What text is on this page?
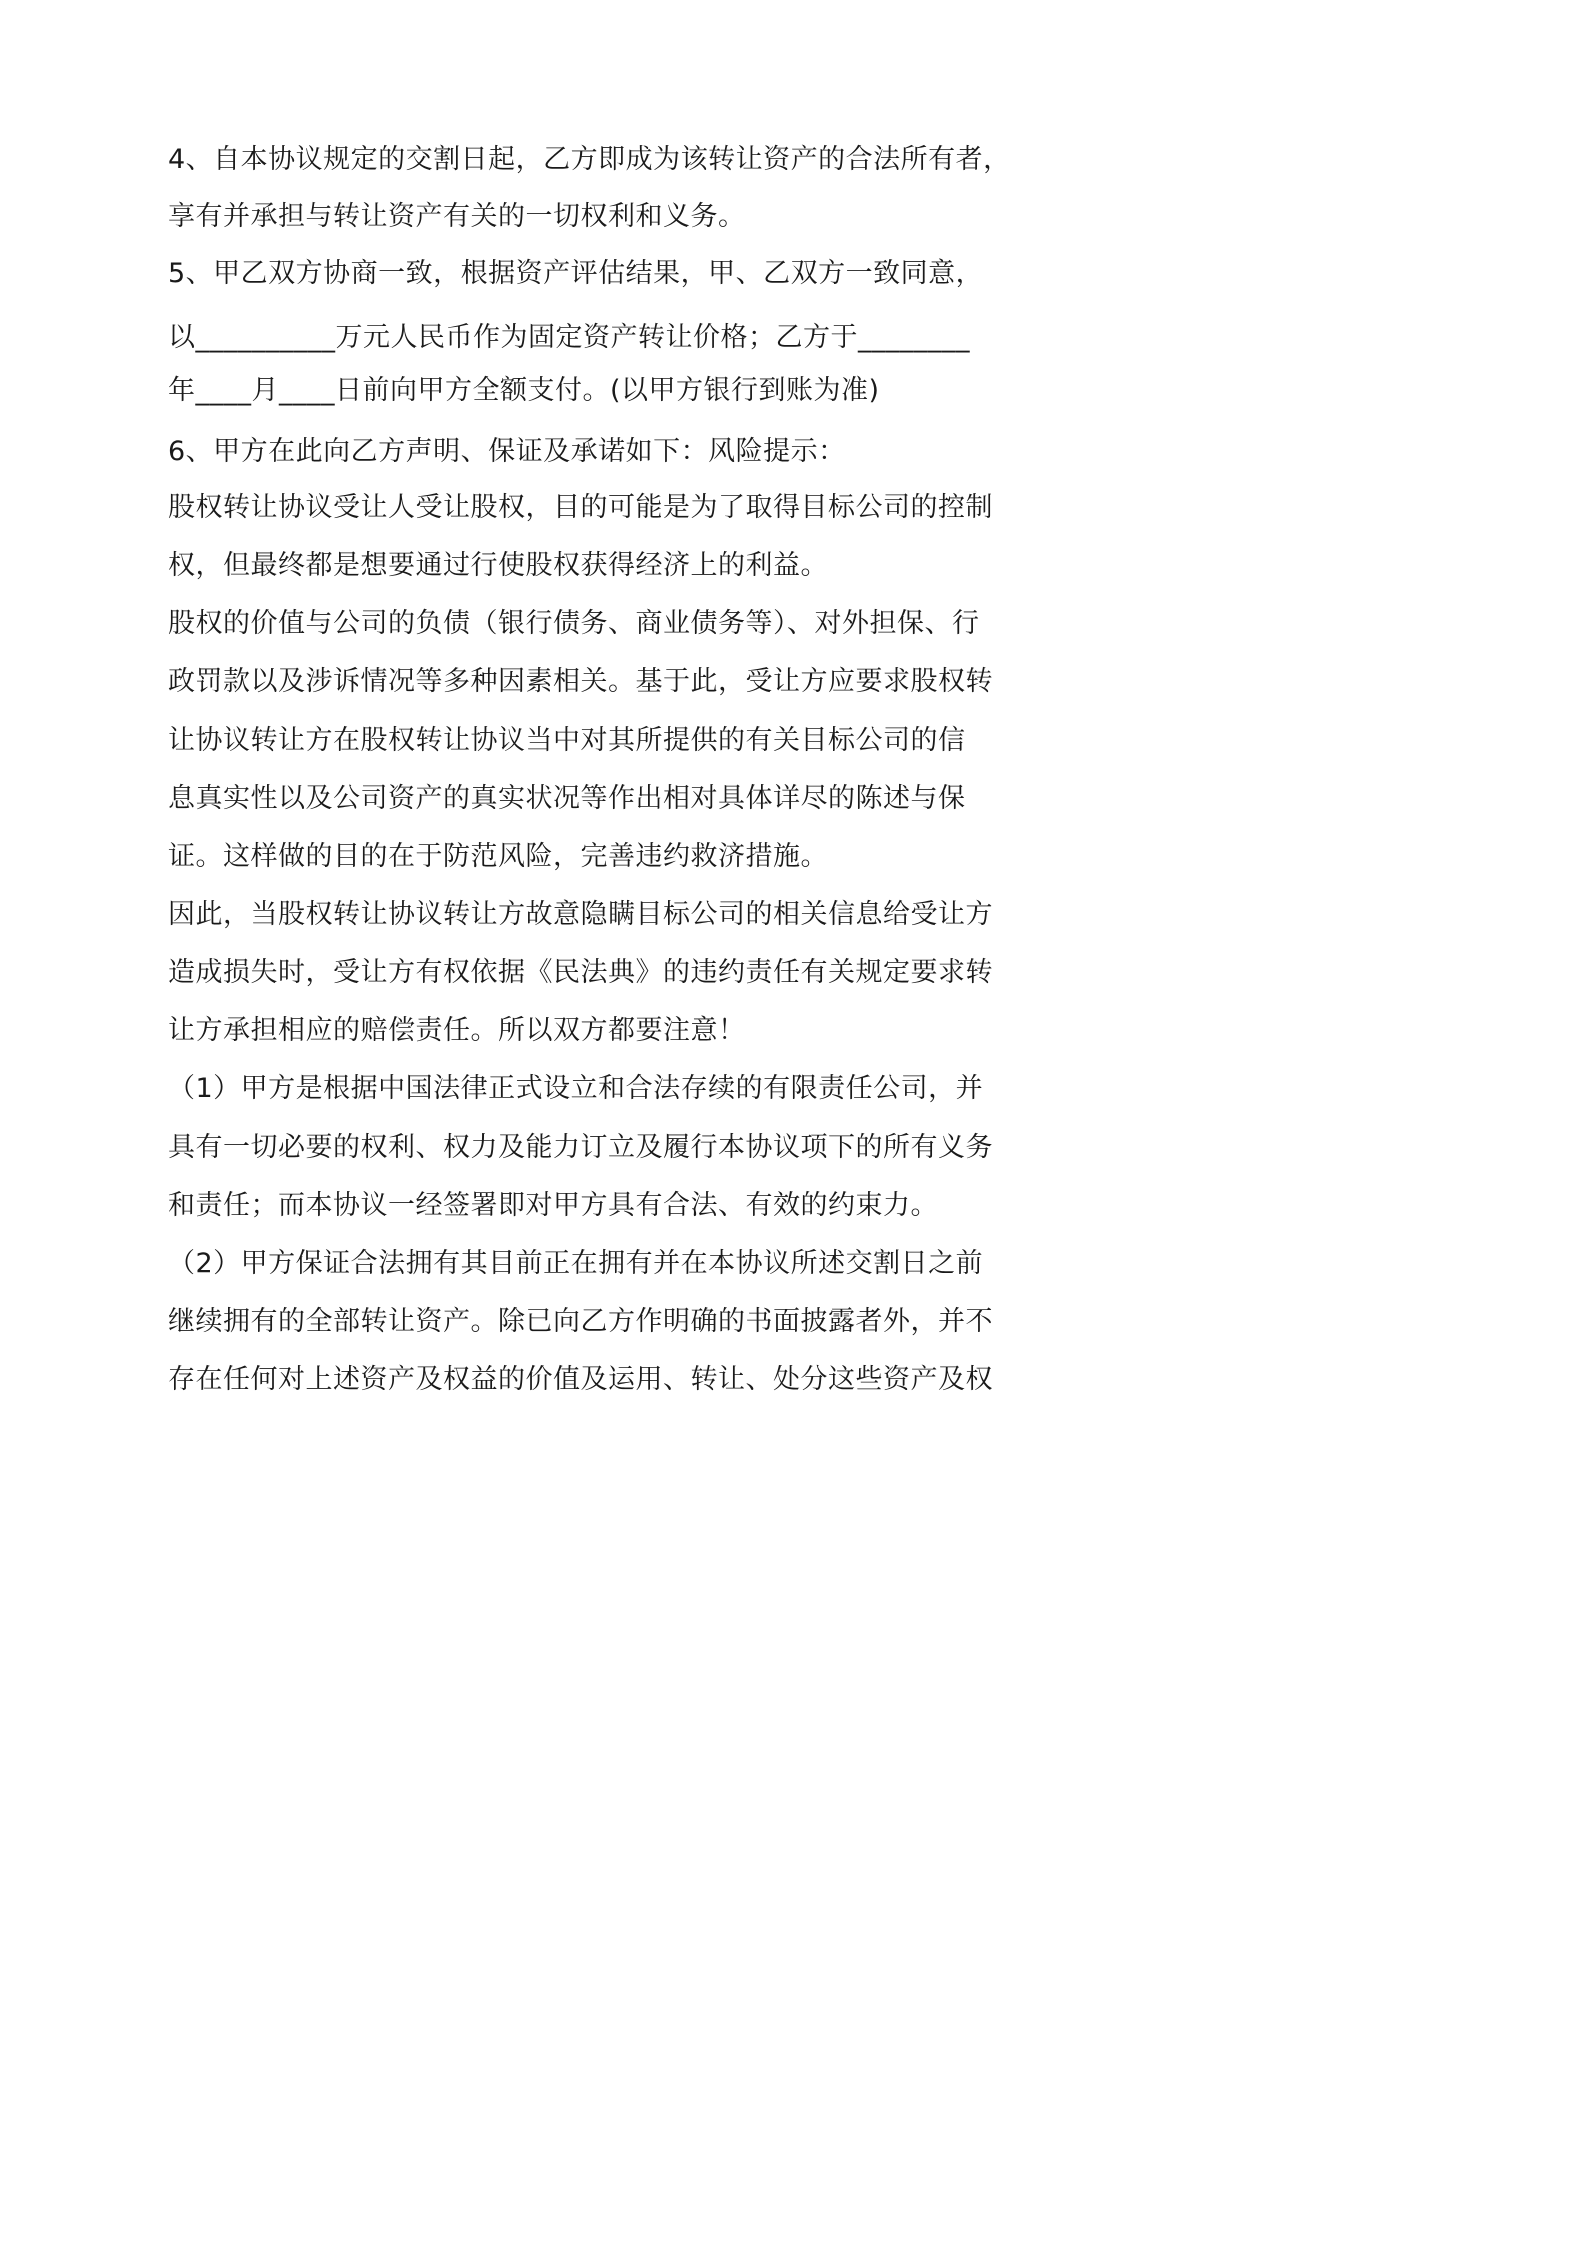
4、自本协议规定的交割日起，乙方即成为该转让资产的合法所有者，
享有并承担与转让资产有关的一切权利和义务。
5、甲乙双方协商一致，根据资产评估结果，甲、乙双方一致同意，
以__________万元人民币作为固定资产转让价格；乙方于________
年____月____日前向甲方全额支付。(以甲方银行到账为准)
6、甲方在此向乙方声明、保证及承诺如下：风险提示：
股权转让协议受让人受让股权，目的可能是为了取得目标公司的控制
权，但最终都是想要通过行使股权获得经济上的利益。
股权的价值与公司的负债（银行债务、商业债务等）、对外担保、行
政罚款以及涉诉情况等多种因素相关。基于此，受让方应要求股权转
让协议转让方在股权转让协议当中对其所提供的有关目标公司的信
息真实性以及公司资产的真实状况等作出相对具体详尽的陈述与保
证。这样做的目的在于防范风险，完善违约救济措施。
因此，当股权转让协议转让方故意隐瞒目标公司的相关信息给受让方
造成损失时，受让方有权依据《民法典》的违约责任有关规定要求转
让方承担相应的赔偿责任。所以双方都要注意！
（1）甲方是根据中国法律正式设立和合法存续的有限责任公司，并
具有一切必要的权利、权力及能力订立及履行本协议项下的所有义务
和责任；而本协议一经签署即对甲方具有合法、有效的约束力。
（2）甲方保证合法拥有其目前正在拥有并在本协议所述交割日之前
继续拥有的全部转让资产。除已向乙方作明确的书面披露者外，并不
存在任何对上述资产及权益的价值及运用、转让、处分这些资产及权
